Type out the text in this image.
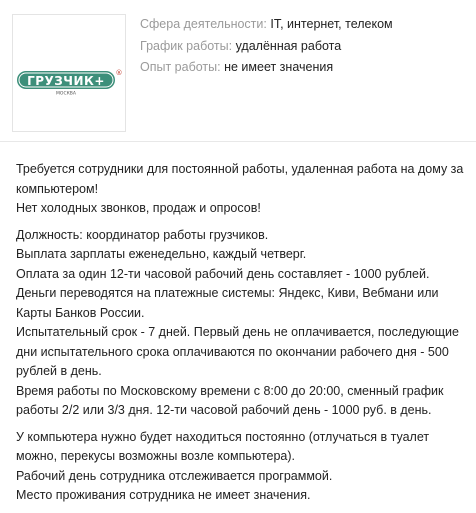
ГРУЗЧИК+
®
МОСКВА
Сфера деятельности: IT, интернет, телеком
График работы: удалённая работа
Опыт работы: не имеет значения

Требуется сотрудники для постоянной работы, удаленная работа на дому за компьютером!
Нет холодных звонков, продаж и опросов!

Должность: координатор работы грузчиков.
Выплата зарплаты еженедельно, каждый четверг.
Оплата за один 12-ти часовой рабочий день составляет - 1000 рублей.
Деньги переводятся на платежные системы: Яндекс, Киви, Вебмани или Карты Банков России.
Испытательный срок - 7 дней. Первый день не оплачивается, последующие дни испытательного срока оплачиваются по окончании рабочего дня - 500 рублей в день.
Время работы по Московскому времени с 8:00 до 20:00, сменный график работы 2/2 или 3/3 дня. 12-ти часовой рабочий день - 1000 руб. в день.

У компьютера нужно будет находиться постоянно (отлучаться в туалет можно, перекусы возможны возле компьютера).
Рабочий день сотрудника отслеживается программой.
Место проживания сотрудника не имеет значения.
